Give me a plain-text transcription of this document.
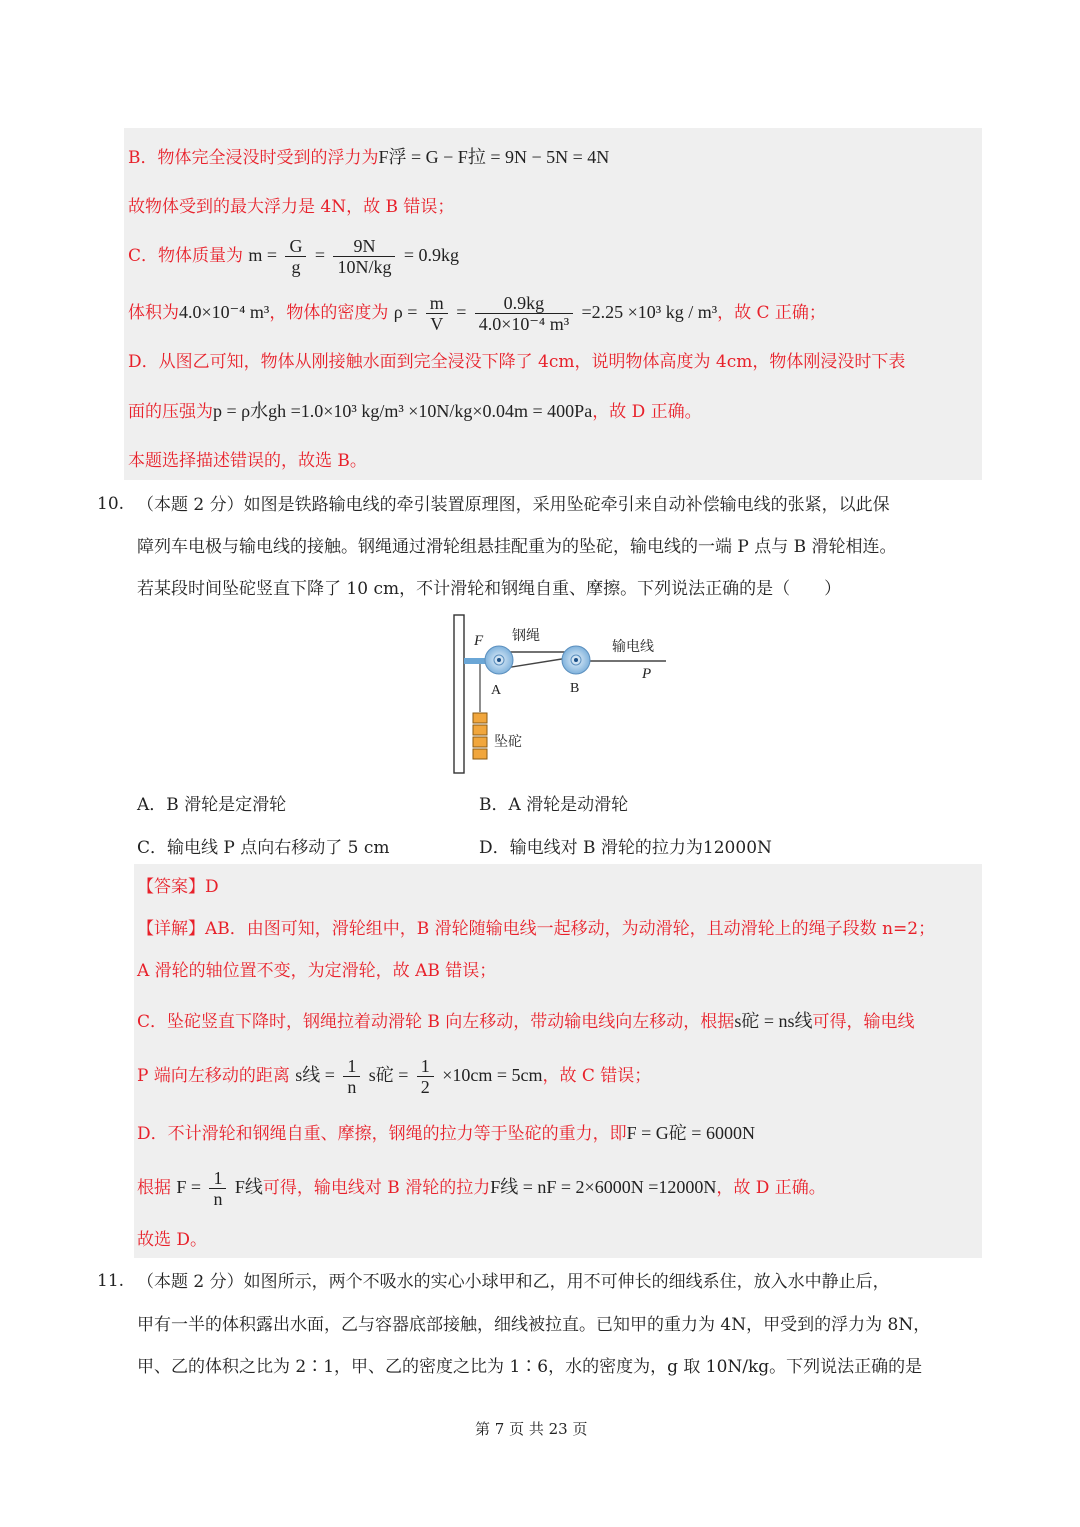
B．物体完全浸没时受到的浮力为F浮 = G − F拉 = 9N − 5N = 4N
故物体受到的最大浮力是 4N，故 B 错误；
C．物体质量为 $m = \frac{G}{g} = \frac{9N}{10N/kg} = 0.9kg$
体积为4.0×10⁻⁴ m³，物体的密度为 $\rho = \frac{m}{V} = \frac{0.9kg}{\text{4.0×10⁻⁴ m³}} =2.25 \times 10^3$ kg / m³，故 C 正确；
D．从图乙可知，物体从刚接触水面到完全浸没下降了 4cm，说明物体高度为 4cm，物体刚浸没时下表
面的压强为p = ρ水gh =1.0×10³ kg/m³ ×10N/kg×0.04m = 400Pa，故 D 正确。
本题选择描述错误的，故选 B。
10. （本题 2 分）如图是铁路输电线的牵引装置原理图，采用坠砣牵引来自动补偿输电线的张紧，以此保
障列车电极与输电线的接触。钢绳通过滑轮组悬挂配重为的坠砣，输电线的一端 P 点与 B 滑轮相连。
若某段时间坠砣竖直下降了 10 cm，不计滑轮和钢绳自重、摩擦。下列说法正确的是（　　）
F 钢绳
输电线
A	B
P
坠砣
A．B 滑轮是定滑轮	B．A 滑轮是动滑轮
C．输电线 P 点向右移动了 5 cm	D．输电线对 B 滑轮的拉力为12000N
【答案】D
【详解】AB．由图可知，滑轮组中，B 滑轮随输电线一起移动，为动滑轮，且动滑轮上的绳子段数 n=2；
A 滑轮的轴位置不变，为定滑轮，故 AB 错误；
C．坠砣竖直下降时，钢绳拉着动滑轮 B 向左移动，带动输电线向左移动，根据s砣 = ns线可得，输电线
P 端向左移动的距离 s线 = $\frac{1}{n}$ s砣 = $\frac{1}{2} \times 10cm = 5cm$，故 C 错误；
D．不计滑轮和钢绳自重、摩擦，钢绳的拉力等于坠砣的重力，即F = G砣 = 6000N
根据 $F = \frac{1}{n}$ F线可得，输电线对 B 滑轮的拉力F线 = nF = 2×6000N =12000N，故 D 正确。
故选 D。
11. （本题 2 分）如图所示，两个不吸水的实心小球甲和乙，用不可伸长的细线系住，放入水中静止后，
甲有一半的体积露出水面，乙与容器底部接触，细线被拉直。已知甲的重力为 4N，甲受到的浮力为 8N，
甲、乙的体积之比为 2∶1，甲、乙的密度之比为 1∶6，水的密度为，g 取 10N/kg。下列说法正确的是
第 7 页 共 23 页
